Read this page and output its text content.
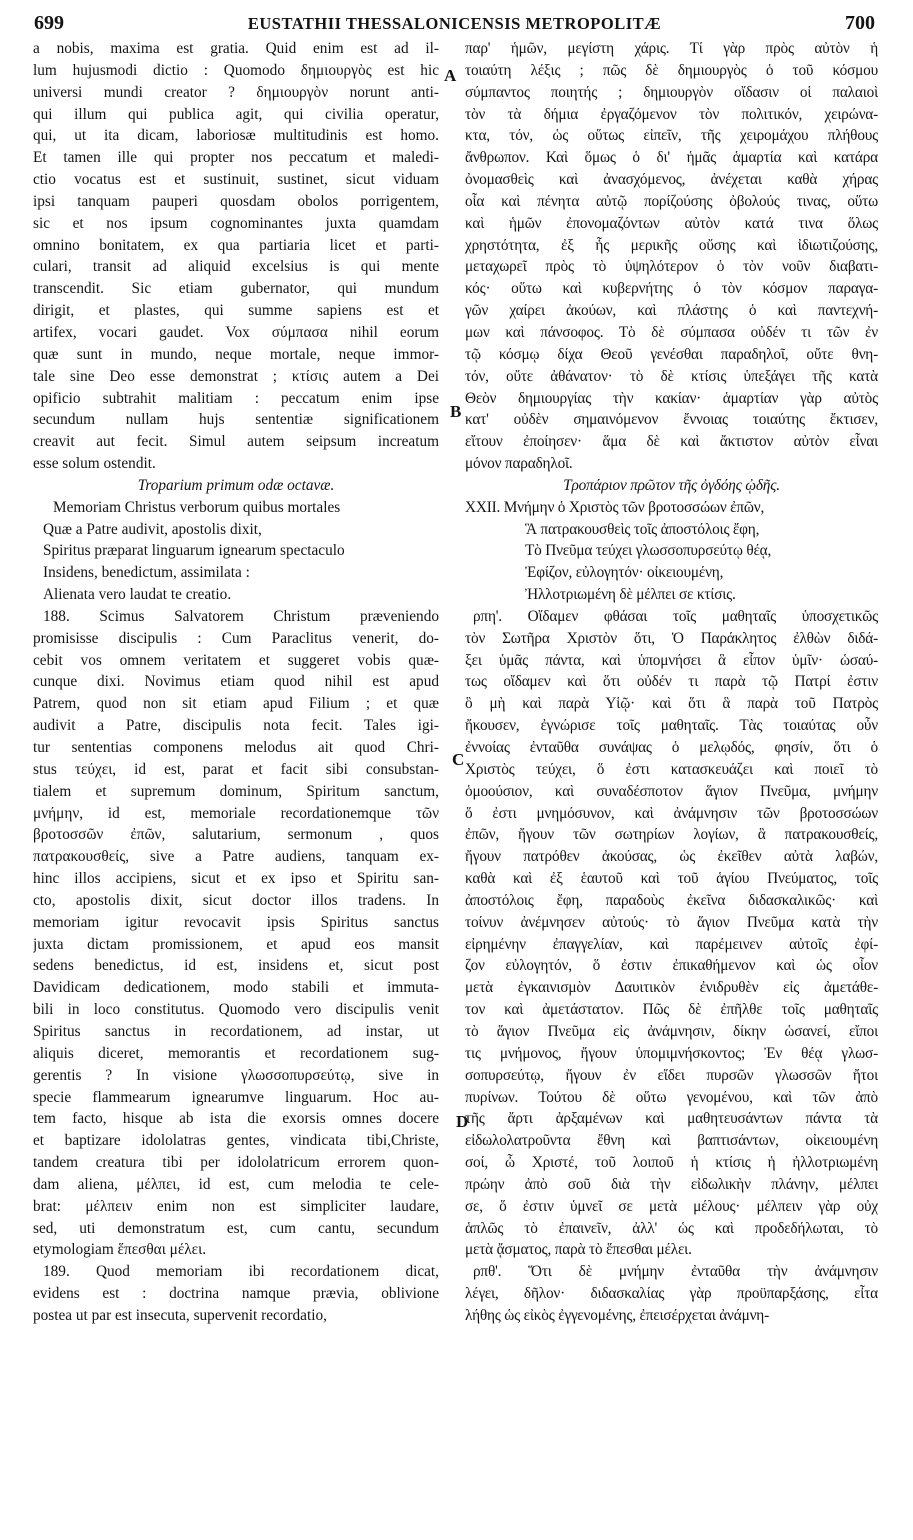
699	EUSTATHII THESSALONICENSIS METROPOLITÆ	700
a nobis, maxima est gratia. Quid enim est ad il-
lum hujusmodi dictio : Quomodo δημιουργὸς est hic
universi mundi creator ? δημιουργὸν norunt anti-
qui illum qui publica agit, qui civilia operatur,
qui, ut ita dicam, laboriosæ multitudinis est homo.
Et tamen ille qui propter nos peccatum et maledi-
ctio vocatus est et sustinuit, sustinet, sicut viduam
ipsi tanquam pauperi quosdam obolos porrigentem,
sic et nos ipsum cognominantes juxta quamdam
omnino bonitatem, ex qua partiaria licet et parti-
culari, transit ad aliquid excelsius is qui mente
transcendit. Sic etiam gubernator, qui mundum
dirigit, et plastes, qui summe sapiens est et
artifex, vocari gaudet. Vox σύμπασα nihil eorum
quæ sunt in mundo, neque mortale, neque immor-
tale sine Deo esse demonstrat ; κτίσις autem a Dei
opificio subtrahit malitiam : peccatum enim ipse
secundum nullam hujs sententiæ significationem
creavit aut fecit. Simul autem seipsum increatum
esse solum ostendit.
Troparium primum odæ octavæ.
Memoriam Christus verborum quibus mortales
Quæ a Patre audivit, apostolis dixit,
Spiritus præparat linguarum ignearum spectaculo
Insidens, benedictum, assimilata :
Alienata vero laudat te creatio.
188. Scimus Salvatorem Christum præveniendo
promisisse discipulis : Cum Paraclitus venerit, do-
cebit vos omnem veritatem et suggeret vobis quæ-
cunque dixi. Novimus etiam quod nihil est apud
Patrem, quod non sit etiam apud Filium ; et quæ
audivit a Patre, discipulis nota fecit. Tales igi-
tur sententias componens melodus ait quod Chri-
stus τεύχει, id est, parat et facit sibi consubstan-
tialem et supremum dominum, Spiritum sanctum,
μνήμην, id est, memoriale recordationemque τῶν
βροτοσσῶν ἐπῶν, salutarium, sermonum , quos
πατρακουσθείς, sive a Patre audiens, tanquam ex-
hinc illos accipiens, sicut et ex ipso et Spiritu san-
cto, apostolis dixit, sicut doctor illos tradens. In
memoriam igitur revocavit ipsis Spiritus sanctus
juxta dictam promissionem, et apud eos mansit
sedens benedictus, id est, insidens et, sicut post
Davidicam dedicationem, modo stabili et immuta-
bili in loco constitutus. Quomodo vero discipulis venit
Spiritus sanctus in recordationem, ad instar, ut
aliquis diceret, memorantis et recordationem sug-
gerentis ? In visione γλωσσοπυρσεύτῳ, sive in
specie flammearum ignearumve linguarum. Hoc au-
tem facto, hisque ab ista die exorsis omnes docere
et baptizare idololatras gentes, vindicata tibi,Christe,
tandem creatura tibi per idololatricum errorem quon-
dam aliena, μέλπει, id est, cum melodia te cele-
brat: μέλπειν enim non est simpliciter laudare,
sed, uti demonstratum est, cum cantu, secundum
etymologiam ἕπεσθαι μέλει.
189. Quod memoriam ibi recordationem dicat,
evidens est : doctrina namque prævia, oblivione
postea ut par est insecuta, supervenit recordatio,
παρ' ἡμῶν, μεγίστη χάρις. Τί γὰρ πρὸς αὐτὸν ἡ
τοιαύτη λέξις ; πῶς δὲ δημιουργὸς ὁ τοῦ κόσμου
σύμπαντος ποιητής ; δημιουργὸν οἴδασιν οἱ παλαιοὶ
τὸν τὰ δήμια ἐργαζόμενον τὸν πολιτικόν, χειρώνα-
κτα, τόν, ὡς οὕτως εἰπεῖν, τῆς χειρομάχου πλήθους
ἄνθρωπον. Καὶ ὅμως ὁ δι' ἡμᾶς ἁμαρτία καὶ κατάρα
ὀνομασθεὶς καὶ ἀνασχόμενος, ἀνέχεται καθὰ χήρας
οἷα καὶ πένητα αὐτῷ πορίζούσης ὀβολούς τινας, οὕτω
καὶ ἡμῶν ἐπονομαζόντων αὐτὸν κατά τινα ὅλως
χρηστότητα, ἐξ ἧς μερικῆς οὔσης καὶ ἰδιωτιζούσης,
μεταχωρεῖ πρὸς τὸ ὑψηλότερον ὁ τὸν νοῦν διαβατι-
κός· οὕτω καὶ κυβερνήτης ὁ τὸν κόσμον παραγα-
γῶν χαίρει ἀκούων, καὶ πλάστης ὁ καὶ παντεχνή-
μων καὶ πάνσοφος. Τὸ δὲ σύμπασα οὐδέν τι τῶν ἐν
τῷ κόσμῳ δίχα Θεοῦ γενέσθαι παραδηλοῖ, οὔτε θνη-
τόν, οὔτε ἀθάνατον· τὸ δὲ κτίσις ὑπεξάγει τῆς κατὰ
Θεὸν δημιουργίας τὴν κακίαν· ἁμαρτίαν γὰρ αὐτὸς
κατ' οὐδὲν σημαινόμενον ἔννοιας τοιαύτης ἔκτισεν,
εἴτουν ἐποίησεν· ἅμα δὲ καὶ ἄκτιστον αὐτὸν εἶναι
μόνον παραδηλοῖ.
Τροπάριον πρῶτον τῆς ὀγδόης ᾠδῆς.
XXII. Μνήμην ὁ Χριστὸς τῶν βροτοσσώων ἐπῶν,
Ἃ πατρακουσθεὶς τοῖς ἀποστόλοις ἔφη,
Τὸ Πνεῦμα τεύχει γλωσσοπυρσεύτῳ θέᾳ,
Ἐφίζον, εὐλογητόν· οἰκειουμένη,
Ἠλλοτριωμένη δὲ μέλπει σε κτίσις.
ρπη'. Οἴδαμεν φθάσαι τοῖς μαθηταῖς ὑποσχετικῶς
τὸν Σωτῆρα Χριστὸν ὅτι, Ὁ Παράκλητος ἐλθὼν διδά-
ξει ὑμᾶς πάντα, καὶ ὑπομνήσει ἃ εἶπον ὑμῖν· ὡσαύ-
τως οἴδαμεν καὶ ὅτι οὐδέν τι παρὰ τῷ Πατρί ἐστιν
ὃ μὴ καὶ παρὰ Υἱῷ· καὶ ὅτι ἃ παρὰ τοῦ Πατρὸς
ἤκουσεν, ἐγνώρισε τοῖς μαθηταῖς. Τὰς τοιαύτας οὖν
ἐννοίας ἐνταῦθα συνάψας ὁ μελῳδός, φησίν, ὅτι ὁ
Χριστὸς τεύχει, ὅ ἐστι κατασκευάζει καὶ ποιεῖ τὸ
ὁμοούσιον, καὶ συναδέσποτον ἅγιον Πνεῦμα, μνήμην
ὅ ἐστι μνημόσυνον, καὶ ἀνάμνησιν τῶν βροτοσσώων
ἐπῶν, ἤγουν τῶν σωτηρίων λογίων, ἃ πατρακουσθείς,
ἤγουν πατρόθεν ἀκούσας, ὡς ἐκεῖθεν αὐτὰ λαβών,
καθὰ καὶ ἐξ ἑαυτοῦ καὶ τοῦ ἁγίου Πνεύματος, τοῖς
ἀποστόλοις ἔφη, παραδοὺς ἐκεῖνα διδασκαλικῶς· καὶ
τοίνυν ἀνέμνησεν αὐτούς· τὸ ἅγιον Πνεῦμα κατὰ τὴν
εἰρημένην ἐπαγγελίαν, καὶ παρέμεινεν αὐτοῖς ἐφί-
ζον εὐλογητόν, ὅ ἐστιν ἐπικαθήμενον καὶ ὡς οἷον
μετὰ ἐγκαινισμὸν Δαυιτικὸν ἐνιδρυθὲν εἰς ἀμετάθε-
τον καὶ ἀμετάστατον. Πῶς δὲ ἐπῆλθε τοῖς μαθηταῖς
τὸ ἅγιον Πνεῦμα εἰς ἀνάμνησιν, δίκην ὡσανεί, εἴποι
τις μνήμονος, ἤγουν ὑπομιμνήσκοντος; Ἐν θέᾳ γλωσ-
σοπυρσεύτῳ, ἤγουν ἐν εἴδει πυρσῶν γλωσσῶν ἤτοι
πυρίνων. Τούτου δὲ οὕτω γενομένου, καὶ τῶν ἀπὸ
τῆς ἄρτι ἀρξαμένων καὶ μαθητευσάντων πάντα τὰ
εἰδωλολατροῦντα ἔθνη καὶ βαπτισάντων, οἰκειουμένη
σοί, ὦ Χριστέ, τοῦ λοιποῦ ἡ κτίσις ἡ ἠλλοτριωμένη
πρώην ἀπὸ σοῦ διὰ τὴν εἰδωλικὴν πλάνην, μέλπει
σε, ὅ ἐστιν ὑμνεῖ σε μετὰ μέλους· μέλπειν γὰρ οὐχ
ἁπλῶς τὸ ἐπαινεῖν, ἀλλ' ὡς καὶ προδεδήλωται, τὸ
μετὰ ᾄσματος, παρὰ τὸ ἕπεσθαι μέλει.
ρπθ'. Ὅτι δὲ μνήμην ἐνταῦθα τὴν ἀνάμνησιν
λέγει, δῆλον· διδασκαλίας γὰρ προϋπαρξάσης, εἶτα
λήθης ὡς εἰκὸς ἐγγενομένης, ἐπεισέρχεται ἀνάμνη-
A
B
C
D
